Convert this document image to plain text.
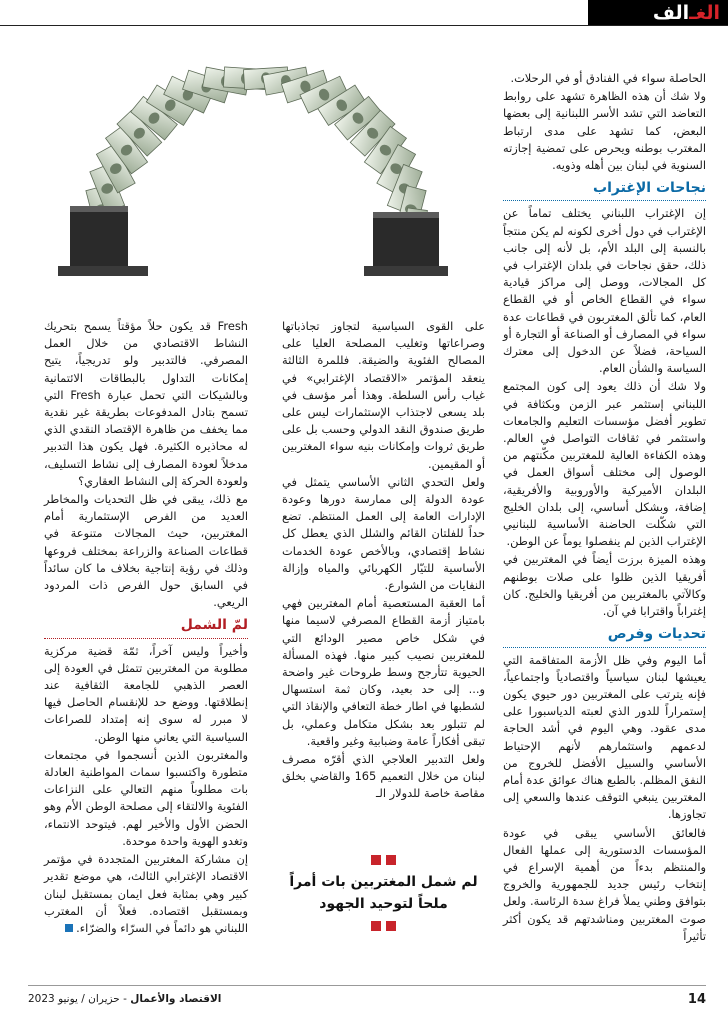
الغـ
الف

الحاصلة سواء في الفنادق أو في الرحلات.

ولا شك أن هذه الظاهرة تشهد على روابط التعاضد التي تشد الأسر اللبنانية إلى بعضها البعض، كما تشهد على مدى ارتباط المغترب بوطنه ويحرص على تمضية إجازته السنوية في لبنان بين أهله وذويه.

نجاحات الإغتراب

إن الإغتراب اللبناني يختلف تماماً عن الإغتراب في دول أخرى لكونه لم يكن منتجاً بالنسبة إلى البلد الأم، بل لأنه إلى جانب ذلك، حقق نجاحات في بلدان الإغتراب في كل المجالات، ووصل إلى مراكز قيادية سواء في القطاع الخاص أو في القطاع العام، كما تألق المغتربون في قطاعات عدة سواء في المصارف أو الصناعة أو التجارة أو السياحة، فضلاً عن الدخول إلى معترك السياسة والشأن العام.

ولا شك أن ذلك يعود إلى كون المجتمع اللبناني إستثمر عبر الزمن وبكثافة في تطوير أفضل مؤسسات التعليم والجامعات واستثمر في ثقافات التواصل في العالم. وهذه الكفاءة العالية للمغتربين مكّنتهم من الوصول إلى مختلف أسواق العمل في البلدان الأميركية والأوروبية والأفريقية، إضافة، وبشكل أساسي، إلى بلدان الخليج التي شكّلت الحاضنة الأساسية للبنانيي الإغتراب الذين لم ينفصلوا يوماً عن الوطن.

وهذه الميزة برزت أيضاً في المغتربين في أفريقيا الذين ظلوا على صلات بوطنهم وكالآتي بالمغتربين من أفريقيا والخليج. كان إغتراباً واقترابا في آن.

تحديات وفرص

أما اليوم وفي ظل الأزمة المتفاقمة التي يعيشها لبنان سياسياً واقتصادياً واجتماعياً، فإنه يترتب على المغتربين دور حيوي يكون إستمراراً للدور الذي لعبته الدياسبورا على مدى عقود. وهي اليوم في أشد الحاجة لدعمهم واستثمارهم لأنهم الإحتياط الأساسي والسبيل الأفضل للخروج من النفق المظلم. بالطبع هناك عوائق عدة أمام المغتربين ينبغي التوقف عندها والسعي إلى تجاوزها.

فالعائق الأساسي يبقى في عودة المؤسسات الدستورية إلى عملها الفعال والمنتظم بدءاً من أهمية الإسراع في إنتخاب رئيس جديد للجمهورية والخروج بتوافق وطني يملأ فراغ سدة الرئاسة. ولعل صوت المغتربين ومناشدتهم قد يكون أكثر تأثيراً

على القوى السياسية لتجاوز تجاذباتها وصراعاتها وتغليب المصلحة العليا على المصالح الفئوية والضيقة. فللمرة الثالثة ينعقد المؤتمر «الاقتصاد الإغترابي» في غياب رأس السلطة. وهذا أمر مؤسف في بلد يسعى لاجتذاب الإستثمارات ليس على طريق صندوق النقد الدولي وحسب بل على طريق ثروات وإمكانات بنيه سواء المغتربين أو المقيمين.

ولعل التحدي الثاني الأساسي يتمثل في عودة الدولة إلى ممارسة دورها وعودة الإدارات العامة إلى العمل المنتظم. تضع حداً للفلتان القائم والشلل الذي يعطل كل نشاط إقتصادي، وبالأخص عودة الخدمات الأساسية للتيّار الكهربائي والمياه وإزالة النفايات من الشوارع.

أما العقبة المستعصية أمام المغتربين فهي بامتياز أزمة القطاع المصرفي لاسيما منها في شكل خاص مصير الودائع التي للمغتربين نصيب كبير منها. فهذه المسألة الحيوية تتأرجح وسط طروحات غير واضحة و... إلى حد بعيد، وكان ثمة استسهال لشطبها في اطار خطة التعافي والإنقاذ التي لم تتبلور بعد بشكل متكامل وعملي، بل تبقى أفكاراً عامة وضبابية وغير واقعية.

ولعل التدبير العلاجي الذي أقرّه مصرف لبنان من خلال التعميم 165 والقاضي بخلق مقاصة خاصة للدولار الـ

لم شمل المغتربين بات أمراً ملحاً لتوحيد الجهود

Fresh قد يكون حلاً مؤقتاً يسمح بتحريك النشاط الاقتصادي من خلال العمل المصرفي. فالتدبير ولو تدريجياً، يتيح إمكانات التداول بالبطاقات الائتمانية وبالشيكات التي تحمل عبارة Fresh التي تسمح بتادل المدفوعات بطريقة غير نقدية مما يخفف من ظاهرة الإقتصاد النقدي الذي له محاذيره الكثيرة. فهل يكون هذا التدبير مدخلاً لعودة المصارف إلى نشاط التسليف، ولعودة الحركة إلى النشاط العقاري؟

مع ذلك، يبقى في ظل التحديات والمخاطر العديد من الفرص الإستثمارية أمام المغتربين، حيث المجالات متنوعة في قطاعات الصناعة والزراعة بمختلف فروعها وذلك في رؤية إنتاجية بخلاف ما كان سائداً في السابق حول الفرص ذات المردود الريعي.

لمّ الشمل

وأخيراً وليس آخراً، ثمّة قضية مركزية مطلوبة من المغتربين تتمثل في العودة إلى العصر الذهبي للجامعة الثقافية عند إنطلاقتها. ووضع حد للإنقسام الحاصل فيها لا مبرر له سوى إنه إمتداد للصراعات السياسية التي يعاني منها الوطن.

والمغتربون الذين أنسجموا في مجتمعات متطورة واكتسبوا سمات المواطنية العادلة بات مطلوباً منهم التعالي على النزاعات الفئوية والالتقاء إلى مصلحة الوطن الأم وهو الحضن الأول والأخير لهم. فيتوحد الانتماء، وتغدو الهوية واحدة موحدة.

إن مشاركة المغتربين المتجددة في مؤتمر الاقتصاد الإغترابي الثالث، هي موضع تقدير كبير وهي بمثابة فعل ايمان بمستقبل لبنان وبمستقبل اقتصاده. فعلاً أن المغترب اللبناني هو دائماً في السرّاء والضرّاء.

14
الاقتصاد والأعمال - حزيران / يونيو 2023
